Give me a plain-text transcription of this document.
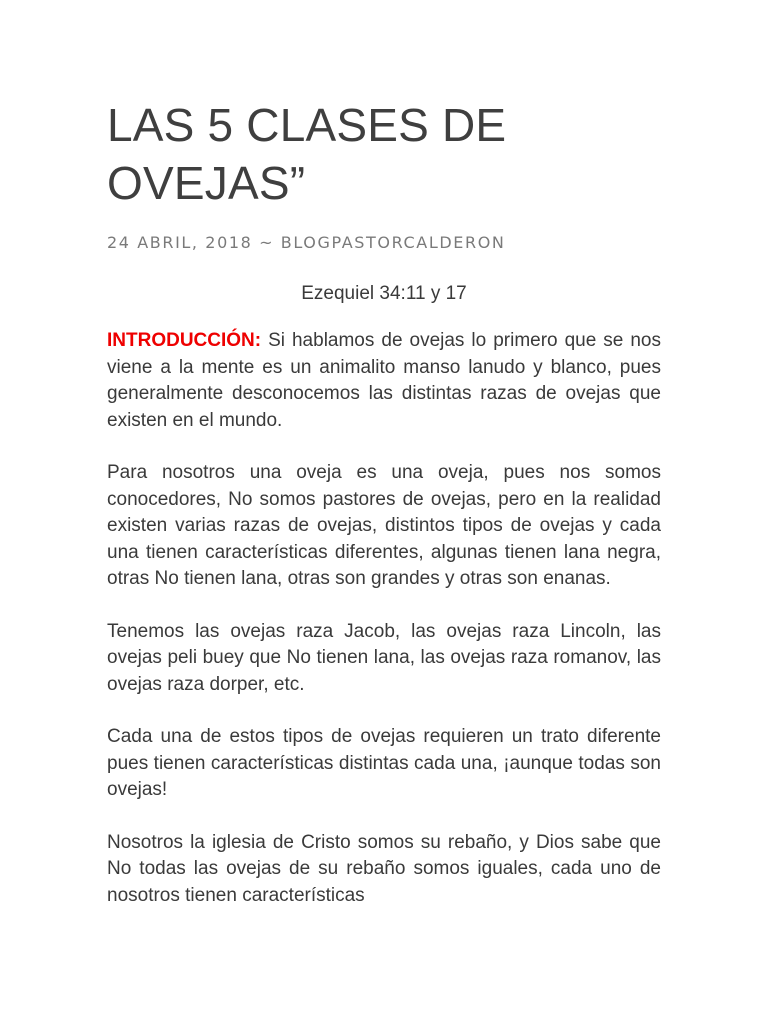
LAS 5 CLASES DE OVEJAS”
24 ABRIL, 2018 ~ BLOGPASTORCALDERON
Ezequiel 34:11 y 17

INTRODUCCIÓN: Si hablamos de ovejas lo primero que se nos viene a la mente es un animalito manso lanudo y blanco, pues generalmente desconocemos las distintas razas de ovejas que existen en el mundo.

Para nosotros una oveja es una oveja, pues nos somos conocedores, No somos pastores de ovejas, pero en la realidad existen varias razas de ovejas, distintos tipos de ovejas y cada una tienen características diferentes, algunas tienen lana negra, otras No tienen lana, otras son grandes y otras son enanas.

Tenemos las ovejas raza Jacob, las ovejas raza Lincoln, las ovejas peli buey que No tienen lana, las ovejas raza romanov, las ovejas raza dorper, etc.

Cada una de estos tipos de ovejas requieren un trato diferente pues tienen características distintas cada una, ¡aunque todas son ovejas!

Nosotros la iglesia de Cristo somos su rebaño, y Dios sabe que No todas las ovejas de su rebaño somos iguales, cada uno de nosotros tienen características
